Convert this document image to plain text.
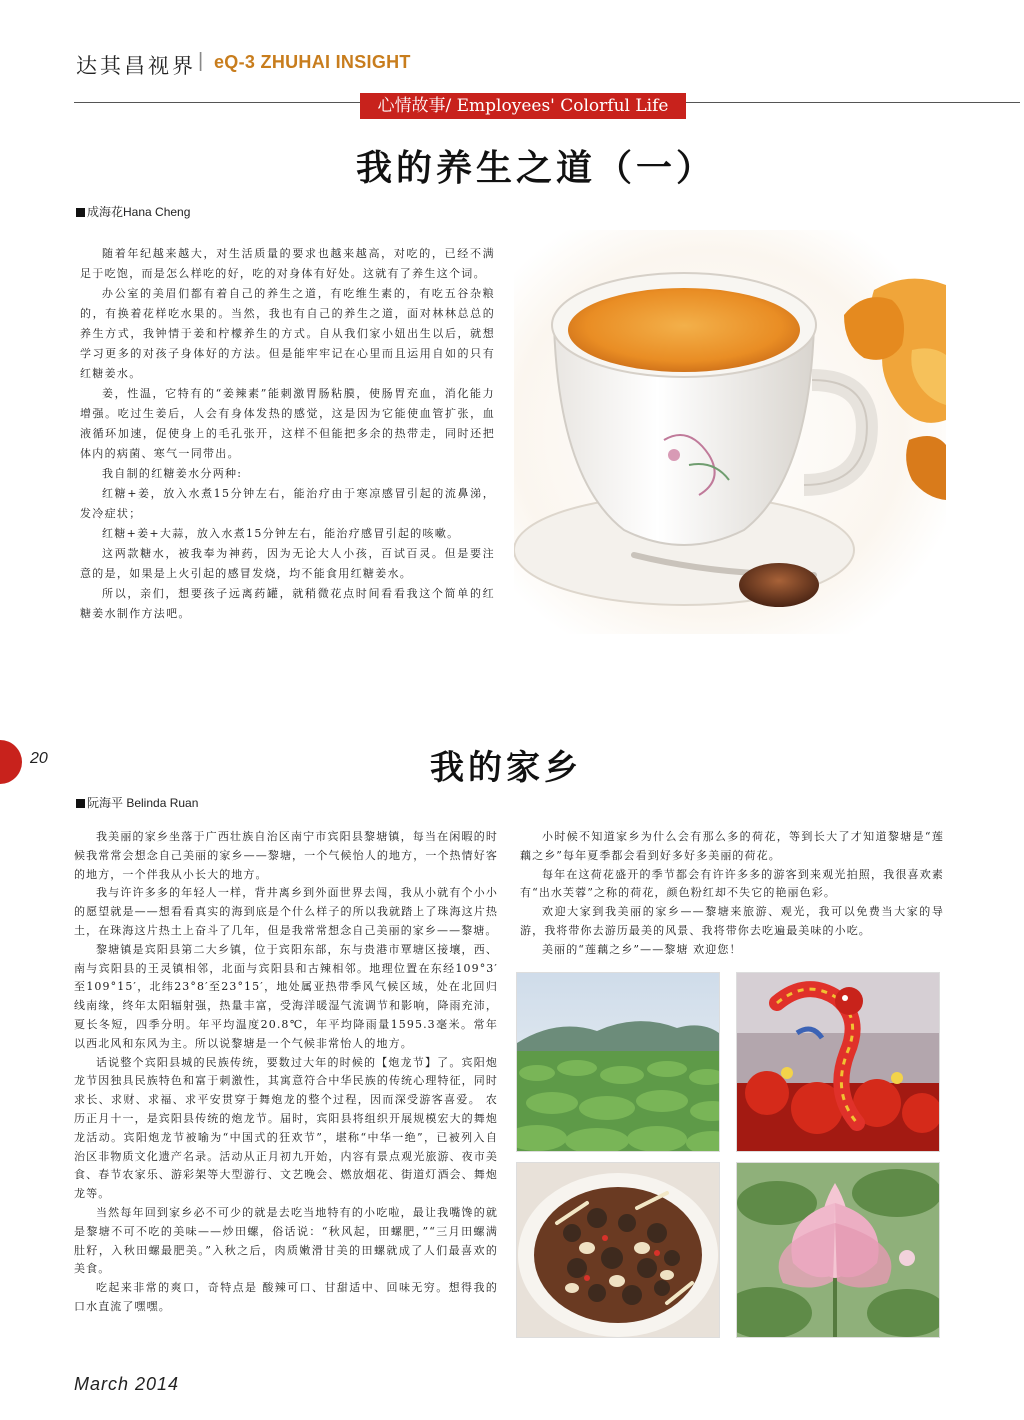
达其昌视界 | eQ-3 ZHUHAI INSIGHT
心情故事/ Employees' Colorful Life
我的养生之道（一）
成海花Hana Cheng

随着年纪越来越大，对生活质量的要求也越来越高，对吃的，已经不满足于吃饱，而是怎么样吃的好，吃的对身体有好处。这就有了养生这个词。

办公室的美眉们都有着自己的养生之道，有吃维生素的，有吃五谷杂粮的，有换着花样吃水果的。当然，我也有自己的养生之道，面对林林总总的养生方式，我钟情于姜和柠檬养生的方式。自从我们家小妞出生以后，就想学习更多的对孩子身体好的方法。但是能牢牢记在心里而且运用自如的只有红糖姜水。

姜，性温，它特有的“姜辣素”能刺激胃肠粘膜，使肠胃充血，消化能力增强。吃过生姜后，人会有身体发热的感觉，这是因为它能使血管扩张，血液循环加速，促使身上的毛孔张开，这样不但能把多余的热带走，同时还把体内的病菌、寒气一同带出。

我自制的红糖姜水分两种:

红糖+姜，放入水煮15分钟左右，能治疗由于寒凉感冒引起的流鼻涕，发冷症状；

红糖+姜+大蒜，放入水煮15分钟左右，能治疗感冒引起的咳嗽。

这两款糖水，被我奉为神药，因为无论大人小孩，百试百灵。但是要注意的是，如果是上火引起的感冒发烧，均不能食用红糖姜水。

所以，亲们，想要孩子远离药罐，就稍微花点时间看看我这个简单的红糖姜水制作方法吧。

20	我的家乡
阮海平 Belinda Ruan

我美丽的家乡坐落于广西壮族自治区南宁市宾阳县黎塘镇，每当在闲暇的时候我常常会想念自己美丽的家乡——黎塘，一个气候怡人的地方，一个热情好客的地方，一个伴我从小长大的地方。

我与许许多多的年轻人一样，背井离乡到外面世界去闯，我从小就有个小小的愿望就是——想看看真实的海到底是个什么样子的所以我就踏上了珠海这片热土，在珠海这片热土上奋斗了几年，但是我常常想念自己美丽的家乡——黎塘。

黎塘镇是宾阳县第二大乡镇，位于宾阳东部，东与贵港市覃塘区接壤，西、南与宾阳县的王灵镇相邻，北面与宾阳县和古辣相邻。地理位置在东经109°3′至109°15′，北纬23°8′至23°15′，地处属亚热带季风气候区域，处在北回归线南缘，终年太阳辐射强，热量丰富，受海洋暖湿气流调节和影响，降雨充沛，夏长冬短，四季分明。年平均温度20.8℃，年平均降雨量1595.3毫米。常年以西北风和东风为主。所以说黎塘是一个气候非常怡人的地方。

话说整个宾阳县城的民族传统，要数过大年的时候的【炮龙节】了。宾阳炮龙节因独具民族特色和富于刺激性，其寓意符合中华民族的传统心理特征，同时求长、求财、求福、求平安贯穿于舞炮龙的整个过程，因而深受游客喜爱。 农历正月十一，是宾阳县传统的炮龙节。届时，宾阳县将组织开展规模宏大的舞炮龙活动。宾阳炮龙节被喻为“中国式的狂欢节”，堪称“中华一绝”，已被列入自治区非物质文化遗产名录。活动从正月初九开始，内容有景点观光旅游、夜市美食、春节农家乐、游彩架等大型游行、文艺晚会、燃放烟花、街道灯酒会、舞炮龙等。

当然每年回到家乡必不可少的就是去吃当地特有的小吃啦，最让我嘴馋的就是黎塘不可不吃的美味——炒田螺，俗话说：“秋风起，田螺肥，”“三月田螺满肚籽，入秋田螺最肥美。”入秋之后，肉质嫩滑甘美的田螺就成了人们最喜欢的美食。

吃起来非常的爽口，奇特点是 酸辣可口、甘甜适中、回味无穷。想得我的口水直流了嘿嘿。

小时候不知道家乡为什么会有那么多的荷花，等到长大了才知道黎塘是“莲藕之乡”每年夏季都会看到好多好多美丽的荷花。

每年在这荷花盛开的季节都会有许许多多的游客到来观光拍照，我很喜欢素有“出水芙蓉”之称的荷花，颜色粉红却不失它的艳丽色彩。

欢迎大家到我美丽的家乡——黎塘来旅游、观光，我可以免费当大家的导游，我将带你去游历最美的风景、我将带你去吃遍最美味的小吃。

美丽的“莲藕之乡”——黎塘 欢迎您！

March 2014
